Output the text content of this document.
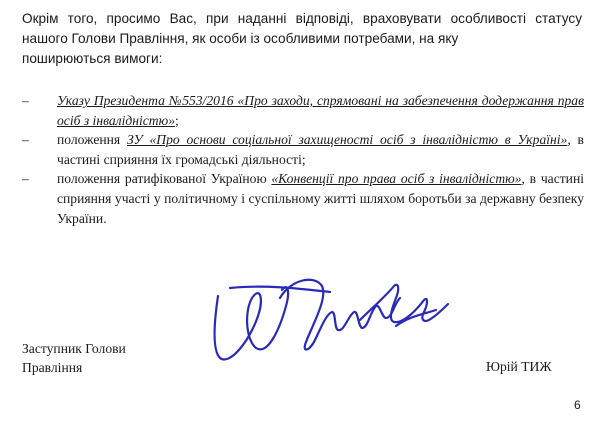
Окрім того, просимо Вас, при наданні відповіді, враховувати особливості статусу нашого Голови Правління, як особи із особливими потребами, на яку
поширюються вимоги:

– Указу Президента №553/2016 «Про заходи, спрямовані на забезпечення додержання прав осіб з інвалідністю»;
– положення ЗУ «Про основи соціальної захищеності осіб з інвалідністю в Україні», в частині сприяння їх громадські діяльності;
– положення ратифікованої Україною «Конвенції про права осіб з інвалідністю», в частині сприяння участі у політичному і суспільному житті шляхом боротьби за державну безпеку України.

Заступник Голови
Правління	Юрій ТИЖ

6
